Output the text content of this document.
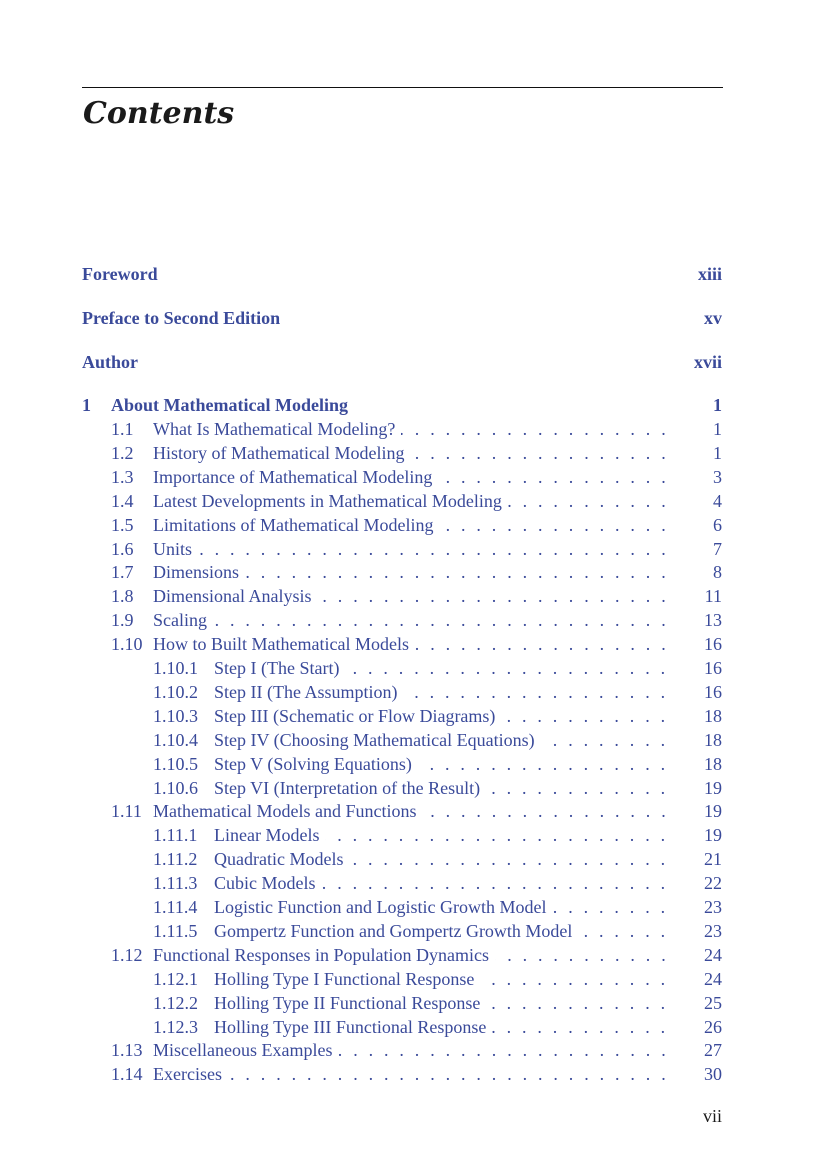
Contents
Foreword	xiii
Preface to Second Edition	xv
Author	xvii
1 About Mathematical Modeling	1
1.1 . . . What Is Mathematical Modeling?	1
1.2 . . . History of Mathematical Modeling	1
1.3 . . . Importance of Mathematical Modeling	3
1.4 . . . Latest Developments in Mathematical Modeling	4
1.5 . . . Limitations of Mathematical Modeling	6
1.6 . . . Units	7
1.7 . . . Dimensions	8
1.8 . . . Dimensional Analysis	11
1.9 . . . Scaling	13
1.10 . . . How to Built Mathematical Models	16
1.10.1 . . . Step I (The Start)	16
1.10.2 . . . Step II (The Assumption)	16
1.10.3 . . . Step III (Schematic or Flow Diagrams)	18
1.10.4 . . . Step IV (Choosing Mathematical Equations)	18
1.10.5 . . . Step V (Solving Equations)	18
1.10.6 . . . Step VI (Interpretation of the Result)	19
1.11 . . . Mathematical Models and Functions	19
1.11.1 . . . Linear Models	19
1.11.2 . . . Quadratic Models	21
1.11.3 . . . Cubic Models	22
1.11.4 . . . Logistic Function and Logistic Growth Model	23
1.11.5 . . . Gompertz Function and Gompertz Growth Model	23
1.12 . . . Functional Responses in Population Dynamics	24
1.12.1 . . . Holling Type I Functional Response	24
1.12.2 . . . Holling Type II Functional Response	25
1.12.3 . . . Holling Type III Functional Response	26
1.13 . . . Miscellaneous Examples	27
1.14 . . . Exercises	30
vii
